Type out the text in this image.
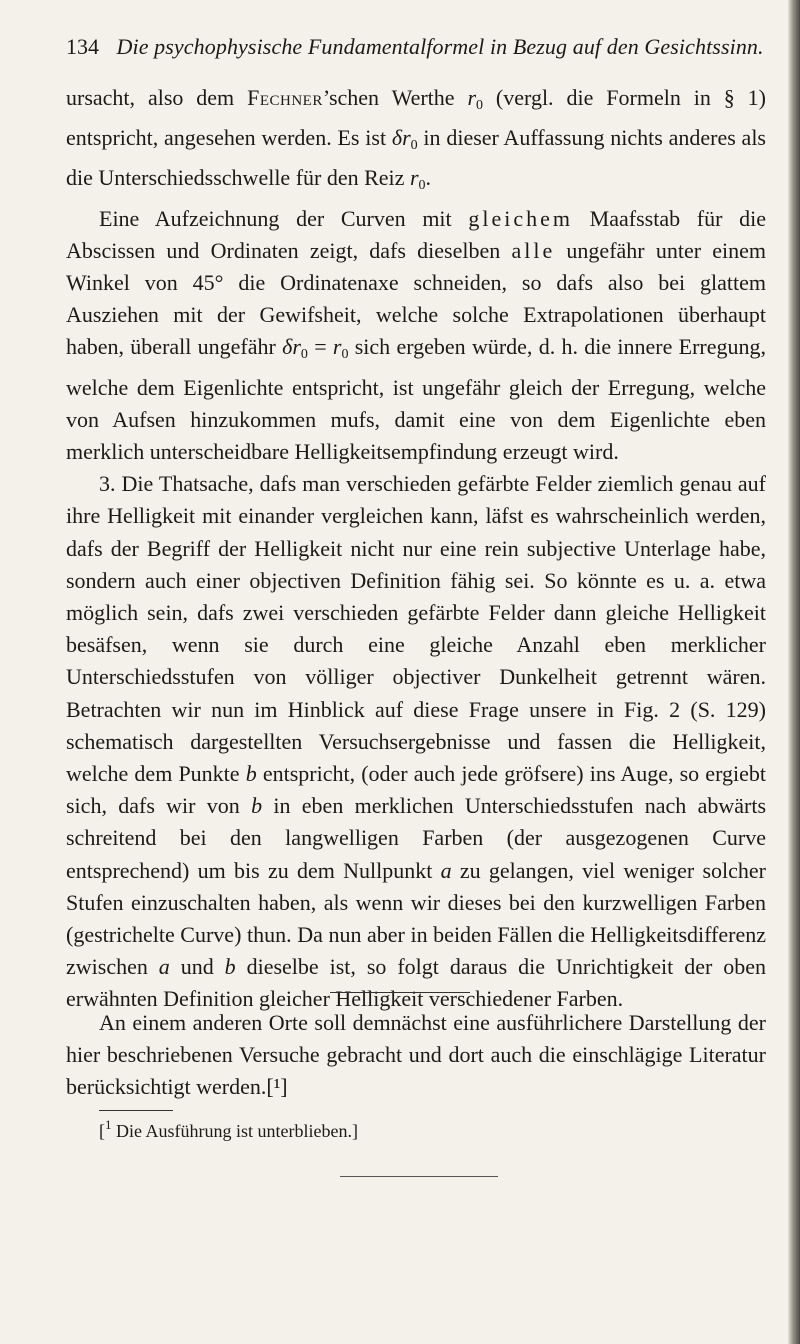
134 Die psychophysische Fundamentalformel in Bezug auf den Gesichtssinn.

ursacht, also dem Fechner’schen Werthe $r_0$ (vergl. die Formeln in § 1) entspricht, angesehen werden. Es ist $\delta r_0$ in dieser Auffassung nichts anderes als die Unterschiedsschwelle für den Reiz $r_0$.

Eine Aufzeichnung der Curven mit gleichem Maafsstab für die Abscissen und Ordinaten zeigt, dafs dieselben alle ungefähr unter einem Winkel von 45° die Ordinatenaxe schneiden, so dafs also bei glattem Ausziehen mit der Gewifsheit, welche solche Extrapolationen überhaupt haben, überall ungefähr $\delta r_0 = r_0$ sich ergeben würde, d. h. die innere Erregung, welche dem Eigenlichte entspricht, ist ungefähr gleich der Erregung, welche von Aufsen hinzukommen mufs, damit eine von dem Eigenlichte eben merklich unterscheidbare Helligkeitsempfindung erzeugt wird.

3. Die Thatsache, dafs man verschieden gefärbte Felder ziemlich genau auf ihre Helligkeit mit einander vergleichen kann, läfst es wahrscheinlich werden, dafs der Begriff der Helligkeit nicht nur eine rein subjective Unterlage habe, sondern auch einer objectiven Definition fähig sei. So könnte es u. a. etwa möglich sein, dafs zwei verschieden gefärbte Felder dann gleiche Helligkeit besäfsen, wenn sie durch eine gleiche Anzahl eben merklicher Unterschiedsstufen von völliger objectiver Dunkelheit getrennt wären. Betrachten wir nun im Hinblick auf diese Frage unsere in Fig. 2 (S. 129) schematisch dargestellten Versuchsergebnisse und fassen die Helligkeit, welche dem Punkte b entspricht, (oder auch jede gröfsere) ins Auge, so ergiebt sich, dafs wir von b in eben merklichen Unterschiedsstufen nach abwärts schreitend bei den langwelligen Farben (der ausgezogenen Curve entsprechend) um bis zu dem Nullpunkt a zu gelangen, viel weniger solcher Stufen einzuschalten haben, als wenn wir dieses bei den kurzwelligen Farben (gestrichelte Curve) thun. Da nun aber in beiden Fällen die Helligkeitsdifferenz zwischen a und b dieselbe ist, so folgt daraus die Unrichtigkeit der oben erwähnten Definition gleicher Helligkeit verschiedener Farben.

An einem anderen Orte soll demnächst eine ausführlichere Darstellung der hier beschriebenen Versuche gebracht und dort auch die einschlägige Literatur berücksichtigt werden.[¹]

[$^1$ Die Ausführung ist unterblieben.]
